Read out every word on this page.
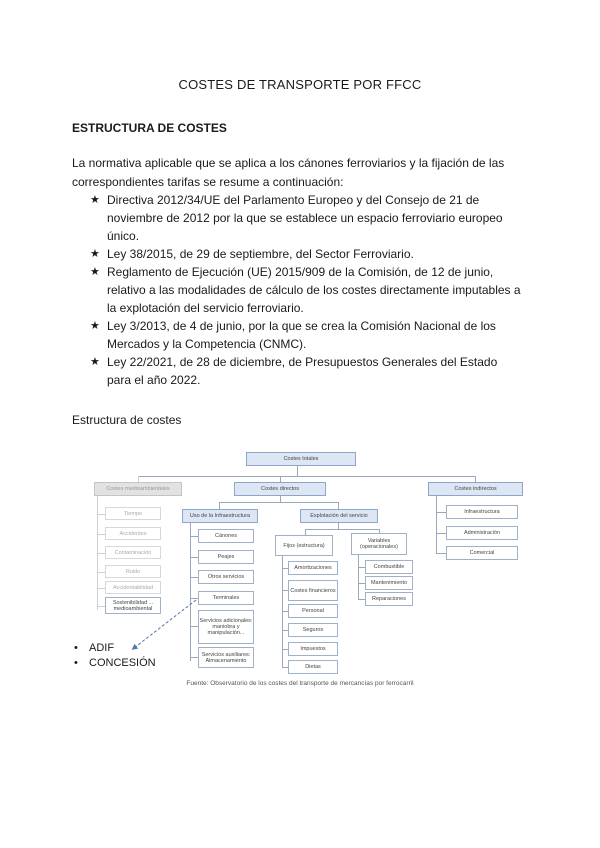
COSTES DE TRANSPORTE POR FFCC
ESTRUCTURA DE COSTES
La normativa aplicable que se aplica a los cánones ferroviarios y la fijación de las correspondientes tarifas se resume a continuación:
★ Directiva 2012/34/UE del Parlamento Europeo y del Consejo de 21 de noviembre de 2012 por la que se establece un espacio ferroviario europeo único.
★ Ley 38/2015, de 29 de septiembre, del Sector Ferroviario.
★ Reglamento de Ejecución (UE) 2015/909 de la Comisión, de 12 de junio, relativo a las modalidades de cálculo de los costes directamente imputables a la explotación del servicio ferroviario.
★ Ley 3/2013, de 4 de junio, por la que se crea la Comisión Nacional de los Mercados y la Competencia (CNMC).
★ Ley 22/2021, de 28 de diciembre, de Presupuestos Generales del Estado para el año 2022.
Estructura de costes
Costes totales
Costes medioambientales	Costes directos	Costes indirectos
Tiempo
Accidentes
Contaminación
Ruido
Accidentabilidad
Sostenibilidad ... medioambiental
Uso de la Infraestructura	Explotación del servicio
Cánones
Peajes
Otros servicios
Terminales
Servicios adicionales: maniobra y manipulación...
Servicios auxiliares: Almacenamiento
Fijos (estructura)
Variables (operacionales)
Amortizaciones
Costes financieros
Personal
Seguros
Impuestos
Dietas
Combustible
Mantenimiento
Reparaciones
Infraestructura
Administración
Comercial
Fuente: Observatorio de los costes del transporte de mercancías por ferrocarril
• ADIF
• CONCESIÓN
